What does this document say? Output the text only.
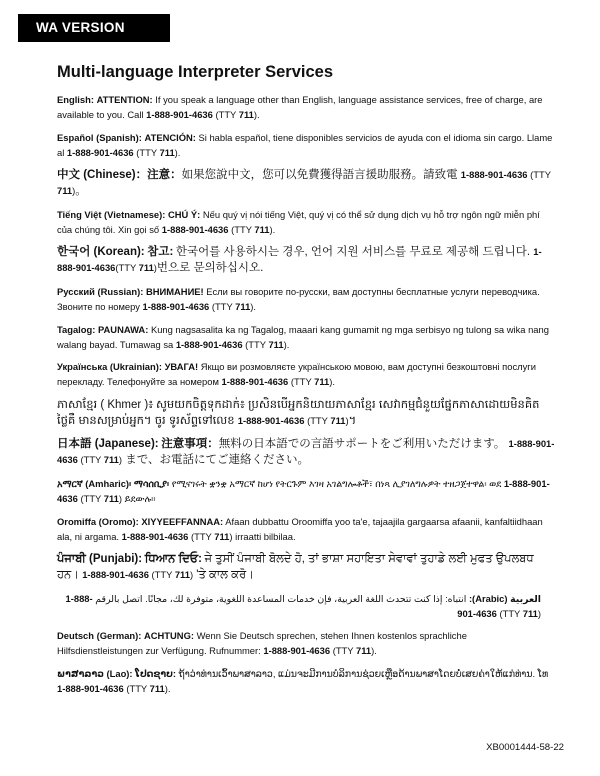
WA VERSION
Multi-language Interpreter Services

English: ATTENTION: If you speak a language other than English, language assistance services, free of charge, are available to you. Call 1-888-901-4636 (TTY 711).

Español (Spanish): ATENCIÓN: Si habla español, tiene disponibles servicios de ayuda con el idioma sin cargo. Llame al 1-888-901-4636 (TTY 711).

中文 (Chinese)：注意：如果您說中文，您可以免費獲得語言援助服務。請致電 1-888-901-4636 (TTY 711)。

Tiếng Việt (Vietnamese): CHÚ Ý: Nếu quý vị nói tiếng Việt, quý vị có thể sử dụng dịch vụ hỗ trợ ngôn ngữ miễn phí của chúng tôi. Xin gọi số 1-888-901-4636 (TTY 711).

한국어 (Korean): 참고: 한국어를 사용하시는 경우, 언어 지원 서비스를 무료로 제공해 드립니다. 1-888-901-4636(TTY 711)번으로 문의하십시오.

Русский (Russian): ВНИМАНИЕ! Если вы говорите по-русски, вам доступны бесплатные услуги переводчика. Звоните по номеру 1-888-901-4636 (TTY 711).

Tagalog: PAUNAWA: Kung nagsasalita ka ng Tagalog, maaari kang gumamit ng mga serbisyo ng tulong sa wika nang walang bayad. Tumawag sa 1-888-901-4636 (TTY 711).

Українська (Ukrainian): УВАГА! Якщо ви розмовляєте українською мовою, вам доступні безкоштовні послуги перекладу. Телефонуйте за номером 1-888-901-4636 (TTY 711).

ភាសាខ្មែរ ( Khmer )៖ សូមយកចិត្តទុកដាក់៖ ប្រសិនបើអ្នកនិយាយភាសាខ្មែរ សេវាកម្មជំនួយផ្នែកភាសាដោយមិនគិតថ្លៃគឺ មានសម្រាប់អ្នក។ ចូរ ទូរស័ព្ទទៅលេខ 1-888-901-4636 (TTY 711)។

日本語 (Japanese): 注意事項：無料の日本語での言語サポートをご利用いただけます。 1-888-901-4636 (TTY 711) まで、お電話にてご連絡ください。

አማርኛ (Amharic)፡ ማሳሰቢያ፡ የሚናገሩት ቋንቋ አማርኛ ከሆነ የትርጉም እገዛ አገልግሎቶች፣ በነጻ ሊያገለግሉዎት ተዘጋጀተዋል፡ ወደ 1-888-901-4636 (TTY 711) ይደውሉ።

Oromiffa (Oromo): XIYYEEFFANNAA: Afaan dubbattu Oroomiffa yoo ta'e, tajaajila gargaarsa afaanii, kanfaltiidhaan ala, ni argama. 1-888-901-4636 (TTY 711) irraatti bilbilaa.

ਪੰਜਾਬੀ (Punjabi): ਧਿਆਨ ਦਿਓ: ਜੇ ਤੁਸੀਂ ਪੰਜਾਬੀ ਬੋਲਦੇ ਹੋ, ਤਾਂ ਭਾਸ਼ਾ ਸਹਾਇਤਾ ਸੇਵਾਵਾਂ ਤੁਹਾਡੇ ਲਈ ਮੁਫਤ ਉਪਲਬਧ ਹਨ। 1-888-901-4636 (TTY 711) 'ਤੇ ਕਾਲ ਕਰੋ।

العربية (Arabic): انتباه: إذا كنت تتحدث اللغة العربية، فإن خدمات المساعدة اللغوية، متوفرة لك، مجانًا. اتصل بالرقم 1-888-901-4636 (TTY 711)

Deutsch (German): ACHTUNG: Wenn Sie Deutsch sprechen, stehen Ihnen kostenlos sprachliche Hilfsdienstleistungen zur Verfügung. Rufnummer: 1-888-901-4636 (TTY 711).

ພາສາລາວ (Lao): ໂປດຊາບ: ຖ້າວ່າທ່ານເວົ້າພາສາລາວ, ແມ່ນຈະມີການບໍລິການຊ່ວຍເຫຼືອດ້ານພາສາໂດຍບໍ່ເສຍຄ່າໃຫ້ແກ່ທ່ານ. ໂທ 1-888-901-4636 (TTY 711).

XB0001444-58-22
